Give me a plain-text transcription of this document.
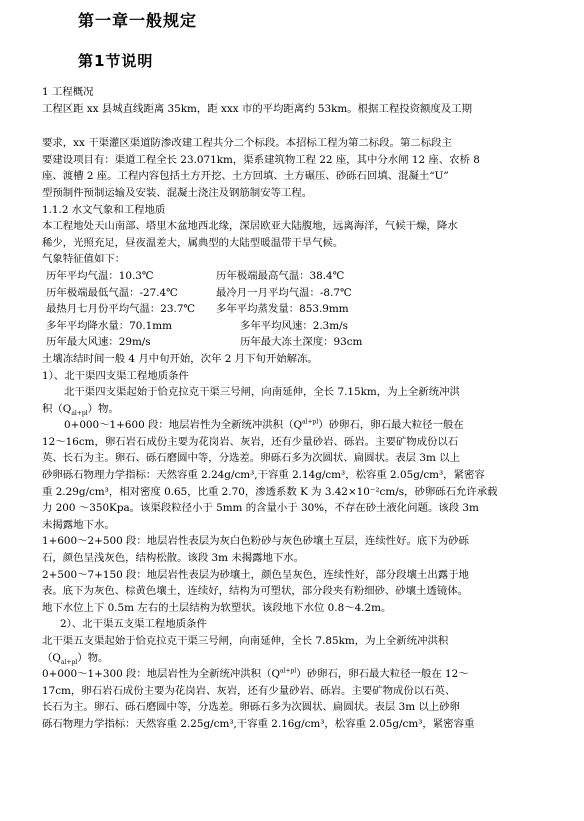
第一章一般规定
第1节说明

1 工程概况

工程区距 xx 县城直线距离 35km，距 xxx 市的平均距离约 53km。根据工程投资额度及工期

要求，xx 干渠灌区渠道防渗改建工程共分二个标段。本招标工程为第二标段。第二标段主

要建设项目有：渠道工程全长 23.071km，渠系建筑物工程 22 座，其中分水闸 12 座、农桥 8

座、渡槽 2 座。工程内容包括土方开挖、土方回填、土方碾压、砂砾石回填、混凝土“U”

型预制件预制运输及安装、混凝土浇注及钢筋制安等工程。

1.1.2 水文气象和工程地质

本工程地处天山南部、塔里木盆地西北缘，深居欧亚大陆腹地，远离海洋，气候干燥，降水

稀少，光照充足，昼夜温差大，属典型的大陆型暖温带干旱气候。

气象特征值如下：

历年平均气温：10.3℃	历年极端最高气温：38.4℃

历年极端最低气温：-27.4℃	最冷月一月平均气温：-8.7℃

最热月七月份平均气温：23.7℃ 多年平均蒸发量：853.9mm

多年平均降水量：70.1mm	多年平均风速：2.3m/s

历年最大风速：29m/s	历年最大冻土深度：93cm

土壤冻结时间一般 4 月中旬开始，次年 2 月下旬开始解冻。

1）、北干渠四支渠工程地质条件

北干渠四支渠起始于恰克拉克干渠三号闸，向南延伸，全长 7.15km，为上全新统冲洪

积$(Q_{al+pl})$物。

0+000～1+600 段：地层岩性为全新统冲洪积$(Q^{al+pl})$砂卵石，卵石最大粒径一般在

12～16cm，卵石岩石成份主要为花岗岩、灰岩，还有少量砂岩、砾岩。主要矿物成份以石

英、长石为主。卵石、砾石磨圆中等，分选差。卵砾石多为次圆状、扁圆状。表层 3m 以上

砂卵砾石物理力学指标：天然容重 2.24g/cm³,干容重 2.14g/cm³，松容重 2.05g/cm³，紧密容

重 2.29g/cm³，相对密度 0.65，比重 2.70，渗透系数 K 为 3.42×10⁻²cm/s，砂卵砾石允许承载

力 200 ～350Kpa。该渠段粒径小于 5mm 的含量小于 30%，不存在砂土液化问题。该段 3m

未揭露地下水。

1+600～2+500 段：地层岩性表层为灰白色粉砂与灰色砂壤土互层，连续性好。底下为砂砾

石，颜色呈浅灰色，结构松散。该段 3m 未揭露地下水。

2+500～7+150 段：地层岩性表层为砂壤土，颜色呈灰色，连续性好，部分段壤土出露于地

表。底下为灰色、棕黄色壤土，连续好，结构为可塑状，部分段夹有粉细砂、砂壤土透镜体。

地下水位上下 0.5m 左右的土层结构为软塑状。该段地下水位 0.8～4.2m。

2）、北干渠五支渠工程地质条件

北干渠五支渠起始于恰克拉克干渠三号闸，向南延伸，全长 7.85km，为上全新统冲洪积

$(Q_{al+pl})$物。

0+000～1+300 段：地层岩性为全新统冲洪积$(Q^{al+pl})$砂卵石，卵石最大粒径一般在 12～

17cm，卵石岩石成份主要为花岗岩、灰岩，还有少量砂岩、砾岩。主要矿物成份以石英、

长石为主。卵石、砾石磨圆中等，分选差。卵砾石多为次圆状、扁圆状。表层 3m 以上砂卵

砾石物理力学指标：天然容重 2.25g/cm³,干容重 2.16g/cm³，松容重 2.05g/cm³，紧密容重
